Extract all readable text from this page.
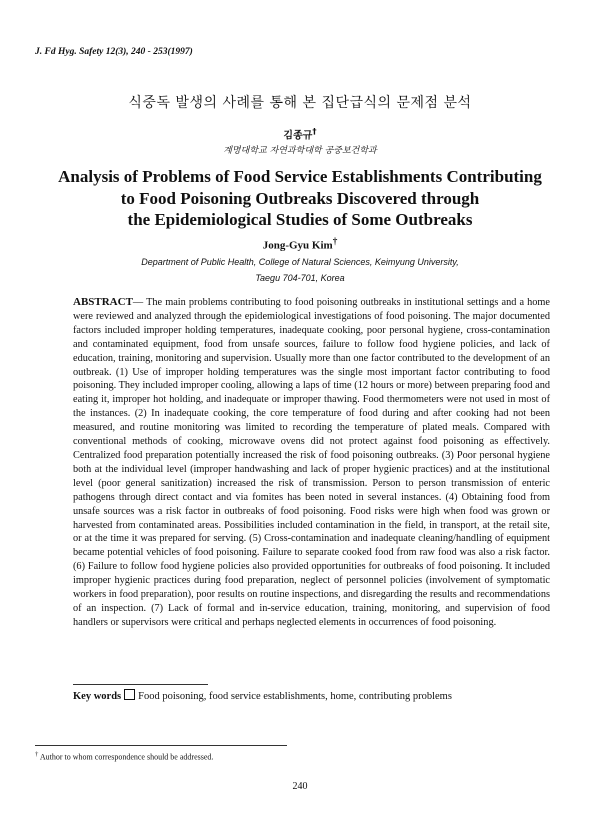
J. Fd Hyg. Safety 12(3), 240 - 253(1997)
식중독 발생의 사례를 통해 본 집단급식의 문제점 분석
김종규†
계명대학교 자연과학대학 공중보건학과
Analysis of Problems of Food Service Establishments Contributing
to Food Poisoning Outbreaks Discovered through
the Epidemiological Studies of Some Outbreaks
Jong-Gyu Kim†
Department of Public Health, College of Natural Sciences, Keimyung University,
Taegu 704-701, Korea

ABSTRACT— The main problems contributing to food poisoning outbreaks in institutional settings and a home were reviewed and analyzed through the epidemiological investigations of food poisoning. The major documented factors included improper holding temperatures, inadequate cooking, poor personal hygiene, cross-contamination and contaminated equipment, food from unsafe sources, failure to follow food hygiene policies, and lack of education, training, monitoring and supervision. Usually more than one factor contributed to the development of an outbreak. (1) Use of improper holding temperatures was the single most important factor contributing to food poisoning. They included improper cooling, allowing a laps of time (12 hours or more) between preparing food and eating it, improper hot holding, and inadequate or improper thawing. Food thermometers were not used in most of the instances. (2) In inadequate cooking, the core temperature of food during and after cooking had not been measured, and routine monitoring was limited to recording the temperature of plated meals. Compared with conventional methods of cooking, microwave ovens did not protect against food poisoning as effectively. Centralized food preparation potentially increased the risk of food poisoning outbreaks. (3) Poor personal hygiene both at the individual level (improper handwashing and lack of proper hygienic practices) and at the institutional level (poor general sanitization) increased the risk of transmission. Person to person transmission of enteric pathogens through direct contact and via fomites has been noted in several instances. (4) Obtaining food from unsafe sources was a risk factor in outbreaks of food poisoning. Food risks were high when food was grown or harvested from contaminated areas. Possibilities included contamination in the field, in transport, at the retail site, or at the time it was prepared for serving. (5) Cross-contamination and inadequate cleaning/handling of equipment became potential vehicles of food poisoning. Failure to separate cooked food from raw food was also a risk factor. (6) Failure to follow food hygiene policies also provided opportunities for outbreaks of food poisoning. It included improper hygienic practices during food preparation, neglect of personnel policies (involvement of symptomatic workers in food preparation), poor results on routine inspections, and disregarding the results and recommendations of an inspection. (7) Lack of formal and in-service education, training, monitoring, and supervision of food handlers or supervisors were critical and perhaps neglected elements in occurrences of food poisoning.

Key words Food poisoning, food service establishments, home, contributing problems
† Author to whom correspondence should be addressed.
240
